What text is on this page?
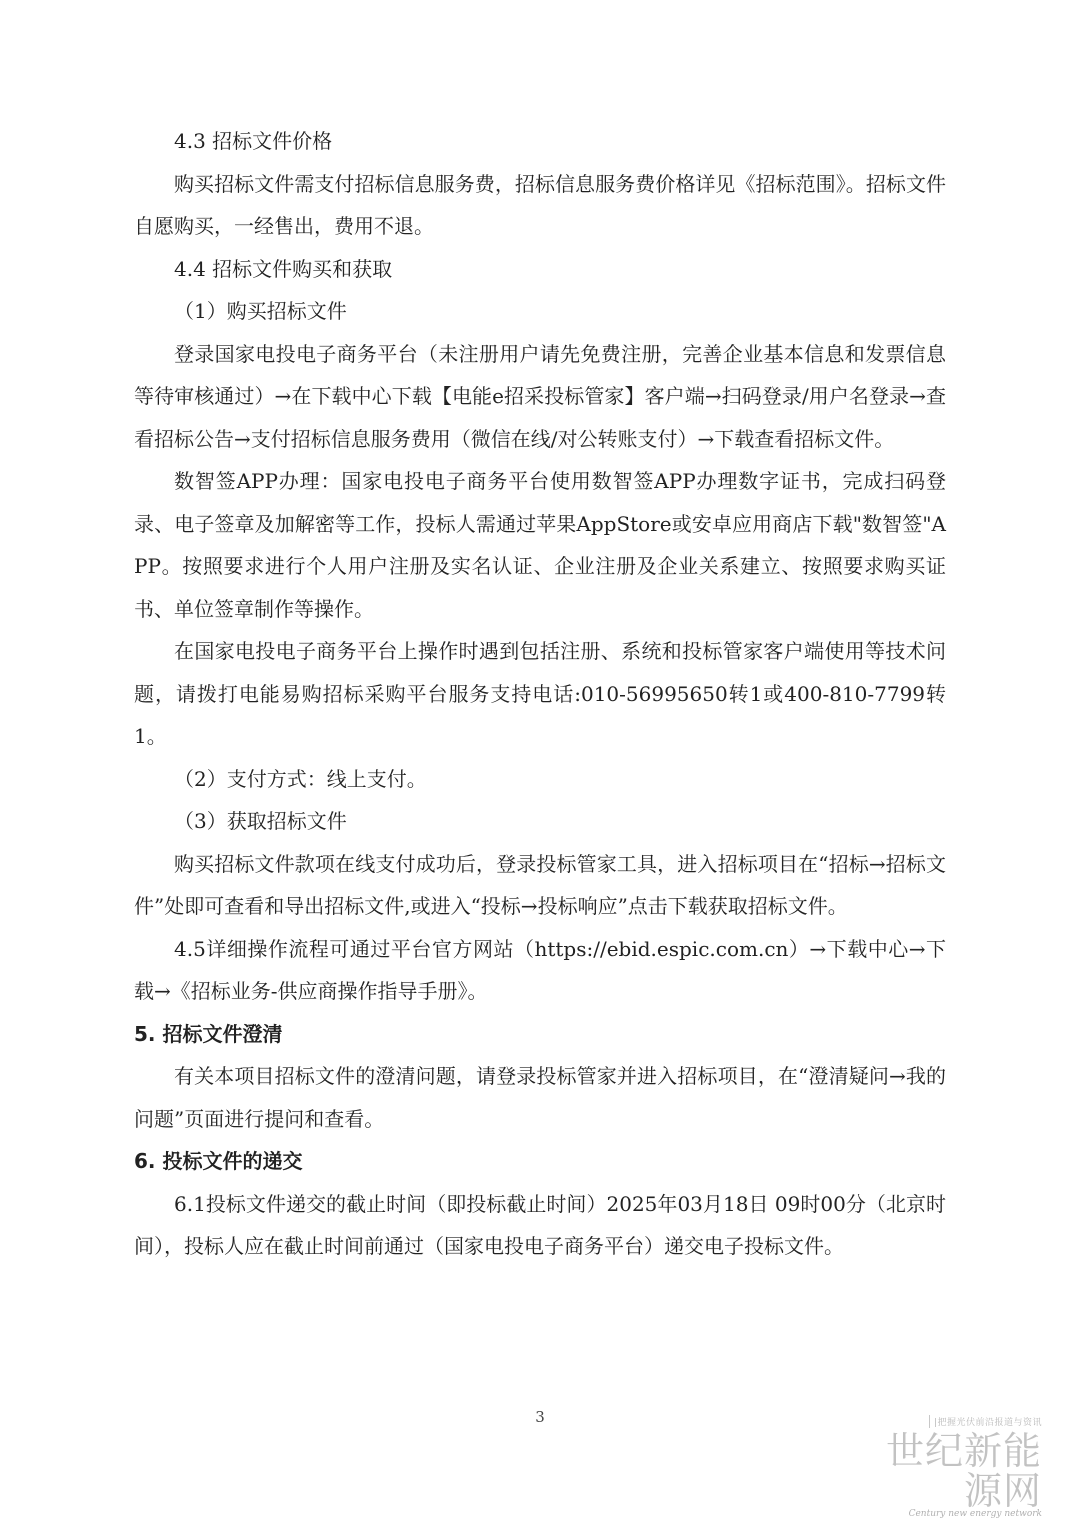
4.3 招标文件价格

购买招标文件需支付招标信息服务费，招标信息服务费价格详见《招标范围》。招标文件自愿购买，一经售出，费用不退。

4.4 招标文件购买和获取

（1）购买招标文件

登录国家电投电子商务平台（未注册用户请先免费注册，完善企业基本信息和发票信息等待审核通过）→在下载中心下载【电能e招采投标管家】客户端→扫码登录/用户名登录→查看招标公告→支付招标信息服务费用（微信在线/对公转账支付）→下载查看招标文件。

数智签APP办理：国家电投电子商务平台使用数智签APP办理数字证书，完成扫码登录、电子签章及加解密等工作，投标人需通过苹果AppStore或安卓应用商店下载"数智签"APP。按照要求进行个人用户注册及实名认证、企业注册及企业关系建立、按照要求购买证书、单位签章制作等操作。

在国家电投电子商务平台上操作时遇到包括注册、系统和投标管家客户端使用等技术问题，请拨打电能易购招标采购平台服务支持电话:010-56995650转1或400-810-7799转1。

（2）支付方式：线上支付。

（3）获取招标文件

购买招标文件款项在线支付成功后，登录投标管家工具，进入招标项目在“招标→招标文件”处即可查看和导出招标文件,或进入“投标→投标响应”点击下载获取招标文件。

4.5详细操作流程可通过平台官方网站（https://ebid.espic.com.cn）→下载中心→下载→《招标业务-供应商操作指导手册》。

5. 招标文件澄清

有关本项目招标文件的澄清问题，请登录投标管家并进入招标项目，在“澄清疑问→我的问题”页面进行提问和查看。

6. 投标文件的递交

6.1投标文件递交的截止时间（即投标截止时间）2025年03月18日 09时00分（北京时间），投标人应在截止时间前通过（国家电投电子商务平台）递交电子投标文件。

3	|把握光伏前沿报道与资讯
世纪新能源网
Century new energy network
